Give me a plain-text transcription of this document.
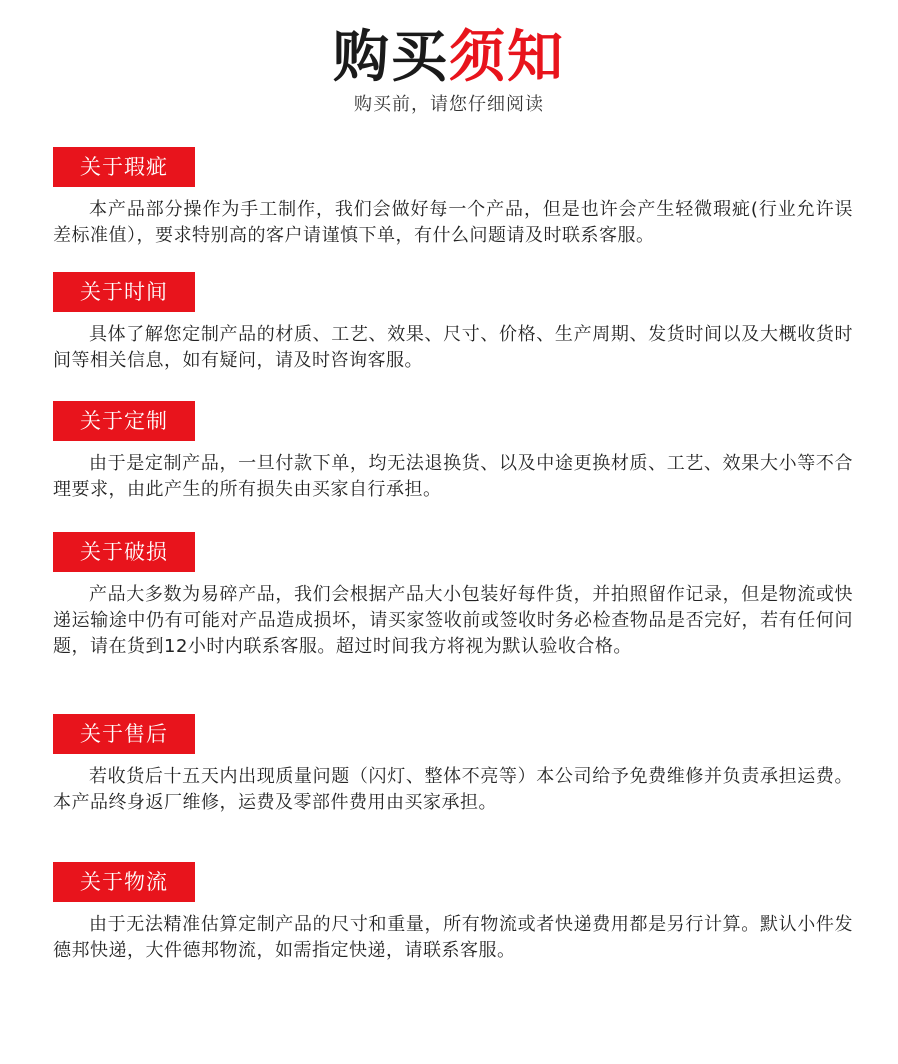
购买须知
购买前，请您仔细阅读
关于瑕疵
本产品部分操作为手工制作，我们会做好每一个产品，但是也许会产生轻微瑕疵(行业允许误差标准值），要求特别高的客户请谨慎下单，有什么问题请及时联系客服。
关于时间
具体了解您定制产品的材质、工艺、效果、尺寸、价格、生产周期、发货时间以及大概收货时间等相关信息，如有疑问，请及时咨询客服。
关于定制
由于是定制产品，一旦付款下单，均无法退换货、以及中途更换材质、工艺、效果大小等不合理要求，由此产生的所有损失由买家自行承担。
关于破损
产品大多数为易碎产品，我们会根据产品大小包装好每件货，并拍照留作记录，但是物流或快递运输途中仍有可能对产品造成损坏，请买家签收前或签收时务必检查物品是否完好，若有任何问题，请在货到12小时内联系客服。超过时间我方将视为默认验收合格。
关于售后
若收货后十五天内出现质量问题（闪灯、整体不亮等）本公司给予免费维修并负责承担运费。本产品终身返厂维修，运费及零部件费用由买家承担。
关于物流
由于无法精准估算定制产品的尺寸和重量，所有物流或者快递费用都是另行计算。默认小件发德邦快递，大件德邦物流，如需指定快递，请联系客服。
